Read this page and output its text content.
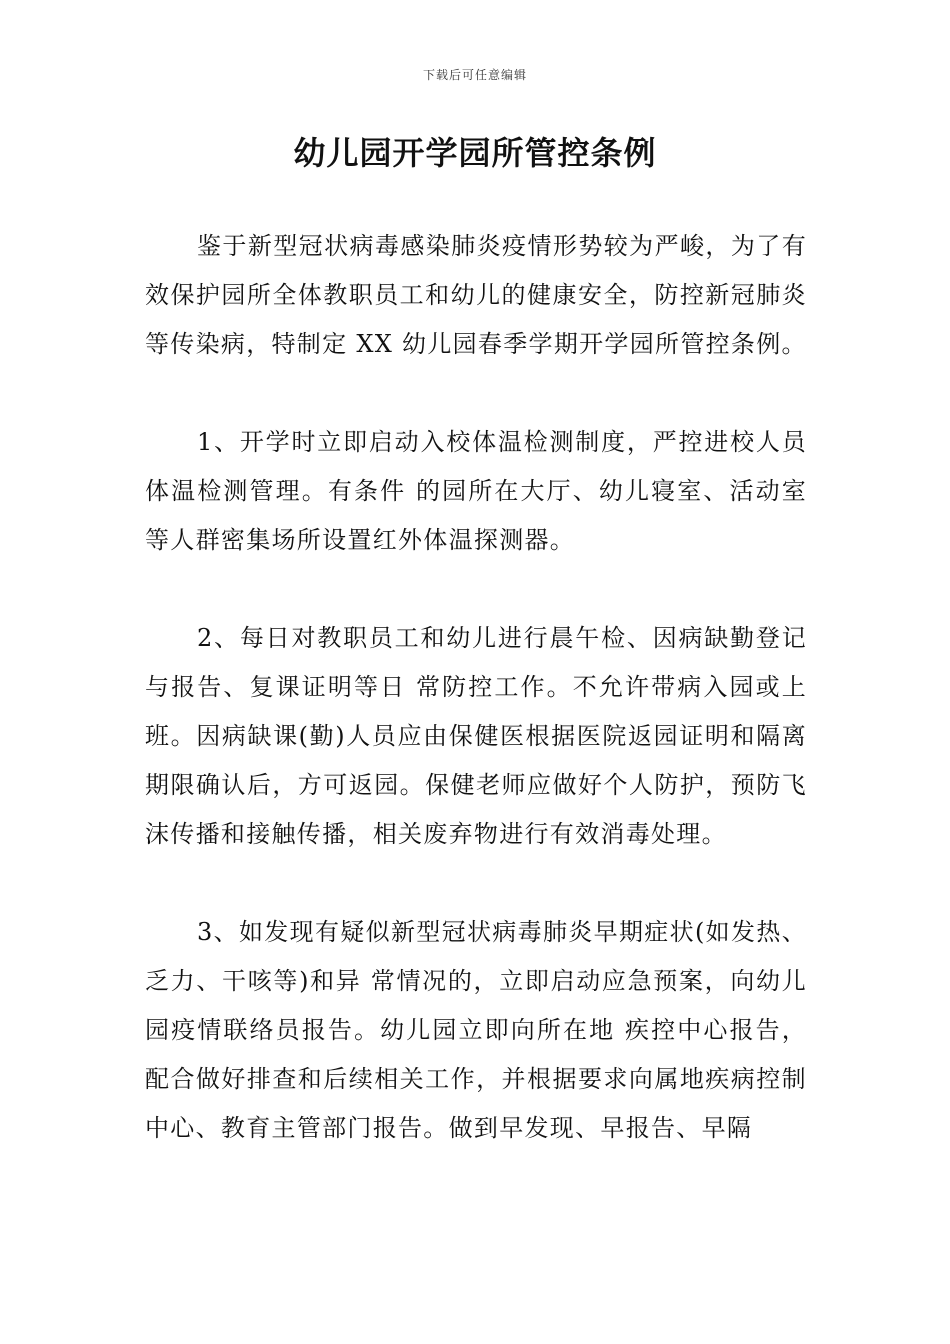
下载后可任意编辑
幼儿园开学园所管控条例

鉴于新型冠状病毒感染肺炎疫情形势较为严峻，为了有效保护园所全体教职员工和幼儿的健康安全，防控新冠肺炎等传染病，特制定 XX 幼儿园春季学期开学园所管控条例。

1、开学时立即启动入校体温检测制度，严控进校人员体温检测管理。有条件 的园所在大厅、幼儿寝室、活动室等人群密集场所设置红外体温探测器。

2、每日对教职员工和幼儿进行晨午检、因病缺勤登记与报告、复课证明等日 常防控工作。不允许带病入园或上班。因病缺课(勤)人员应由保健医根据医院返园证明和隔离期限确认后，方可返园。保健老师应做好个人防护，预防飞沫传播和接触传播，相关废弃物进行有效消毒处理。

3、如发现有疑似新型冠状病毒肺炎早期症状(如发热、乏力、干咳等)和异 常情况的，立即启动应急预案，向幼儿园疫情联络员报告。幼儿园立即向所在地 疾控中心报告，配合做好排查和后续相关工作，并根据要求向属地疾病控制中心、教育主管部门报告。做到早发现、早报告、早隔
